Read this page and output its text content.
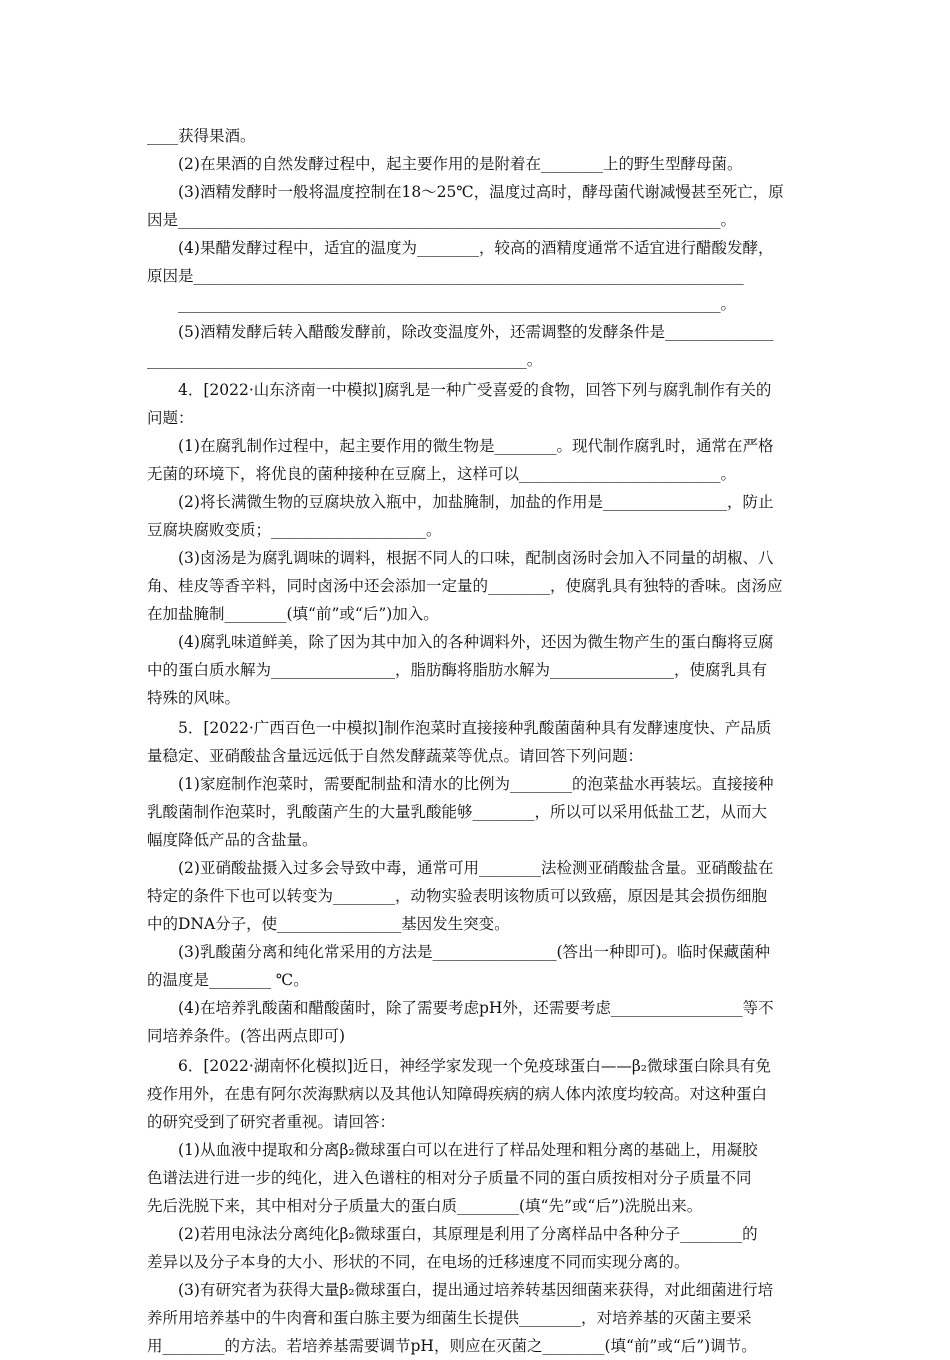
____获得果酒。

(2)在果酒的自然发酵过程中，起主要作用的是附着在________上的野生型酵母菌。

(3)酒精发酵时一般将温度控制在18～25℃，温度过高时，酵母菌代谢减慢甚至死亡，原

因是______________________________________________________________________。

(4)果醋发酵过程中，适宜的温度为________，较高的酒精度通常不适宜进行醋酸发酵，

原因是_______________________________________________________________________

______________________________________________________________________。

(5)酒精发酵后转入醋酸发酵前，除改变温度外，还需调整的发酵条件是______________

_________________________________________________。

4．[2022·山东济南一中模拟]腐乳是一种广受喜爱的食物，回答下列与腐乳制作有关的

问题：

(1)在腐乳制作过程中，起主要作用的微生物是________。现代制作腐乳时，通常在严格

无菌的环境下，将优良的菌种接种在豆腐上，这样可以__________________________。

(2)将长满微生物的豆腐块放入瓶中，加盐腌制，加盐的作用是________________，防止

豆腐块腐败变质；____________________。

(3)卤汤是为腐乳调味的调料，根据不同人的口味，配制卤汤时会加入不同量的胡椒、八

角、桂皮等香辛料，同时卤汤中还会添加一定量的________，使腐乳具有独特的香味。卤汤应

在加盐腌制________(填“前”或“后”)加入。

(4)腐乳味道鲜美，除了因为其中加入的各种调料外，还因为微生物产生的蛋白酶将豆腐

中的蛋白质水解为________________，脂肪酶将脂肪水解为________________，使腐乳具有

特殊的风味。

5．[2022·广西百色一中模拟]制作泡菜时直接接种乳酸菌菌种具有发酵速度快、产品质

量稳定、亚硝酸盐含量远远低于自然发酵蔬菜等优点。请回答下列问题：

(1)家庭制作泡菜时，需要配制盐和清水的比例为________的泡菜盐水再装坛。直接接种

乳酸菌制作泡菜时，乳酸菌产生的大量乳酸能够________，所以可以采用低盐工艺，从而大

幅度降低产品的含盐量。

(2)亚硝酸盐摄入过多会导致中毒，通常可用________法检测亚硝酸盐含量。亚硝酸盐在

特定的条件下也可以转变为________，动物实验表明该物质可以致癌，原因是其会损伤细胞

中的DNA分子，使________________基因发生突变。

(3)乳酸菌分离和纯化常采用的方法是________________(答出一种即可)。临时保藏菌种

的温度是________ ℃。

(4)在培养乳酸菌和醋酸菌时，除了需要考虑pH外，还需要考虑_________________等不

同培养条件。(答出两点即可)

6．[2022·湖南怀化模拟]近日，神经学家发现一个免疫球蛋白——β₂微球蛋白除具有免

疫作用外，在患有阿尔茨海默病以及其他认知障碍疾病的病人体内浓度均较高。对这种蛋白

的研究受到了研究者重视。请回答：

(1)从血液中提取和分离β₂微球蛋白可以在进行了样品处理和粗分离的基础上，用凝胶

色谱法进行进一步的纯化，进入色谱柱的相对分子质量不同的蛋白质按相对分子质量不同

先后洗脱下来，其中相对分子质量大的蛋白质________(填“先”或“后”)洗脱出来。

(2)若用电泳法分离纯化β₂微球蛋白，其原理是利用了分离样品中各种分子________的

差异以及分子本身的大小、形状的不同，在电场的迁移速度不同而实现分离的。

(3)有研究者为获得大量β₂微球蛋白，提出通过培养转基因细菌来获得，对此细菌进行培

养所用培养基中的牛肉膏和蛋白胨主要为细菌生长提供________，对培养基的灭菌主要采

用________的方法。若培养基需要调节pH，则应在灭菌之________(填“前”或“后”)调节。
